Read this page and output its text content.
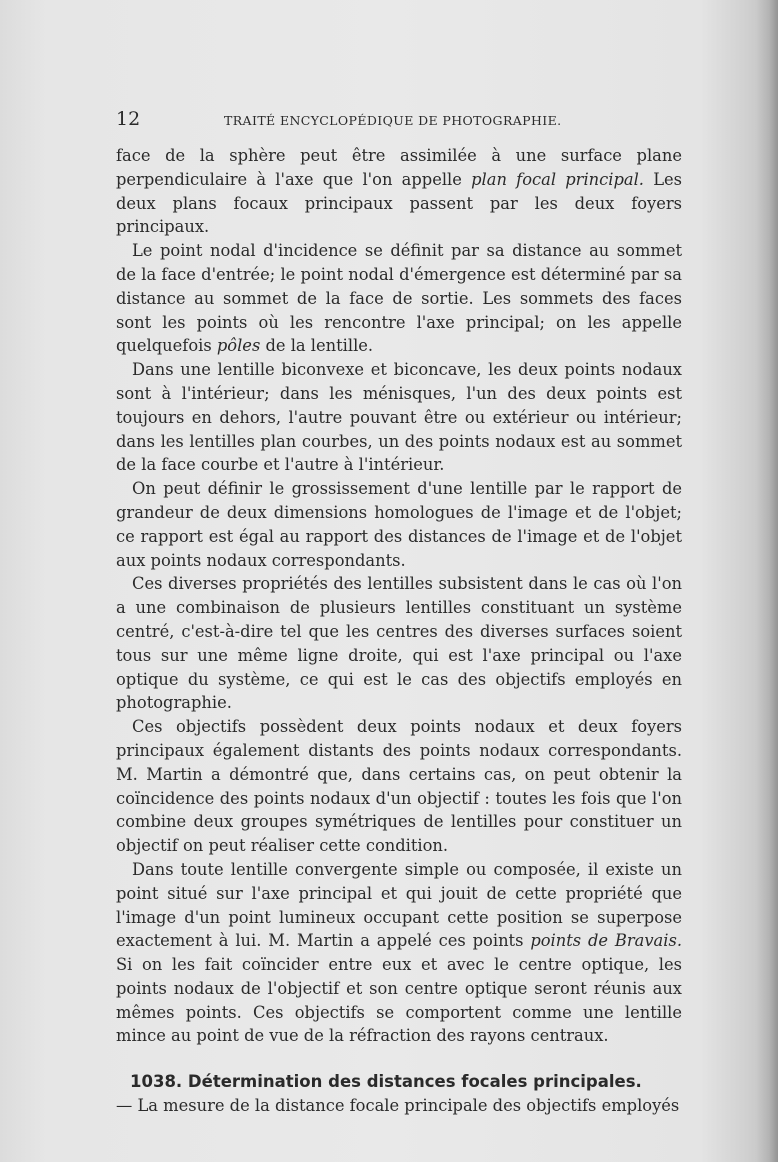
12	TRAITÉ ENCYCLOPÉDIQUE DE PHOTOGRAPHIE.

face de la sphère peut être assimilée à une surface plane perpendiculaire à l'axe que l'on appelle plan focal principal. Les deux plans focaux principaux passent par les deux foyers principaux.

Le point nodal d'incidence se définit par sa distance au sommet de la face d'entrée; le point nodal d'émergence est déterminé par sa distance au sommet de la face de sortie. Les sommets des faces sont les points où les rencontre l'axe principal; on les appelle quelquefois pôles de la lentille.

Dans une lentille biconvexe et biconcave, les deux points nodaux sont à l'intérieur; dans les ménisques, l'un des deux points est toujours en dehors, l'autre pouvant être ou extérieur ou intérieur; dans les lentilles plan courbes, un des points nodaux est au sommet de la face courbe et l'autre à l'intérieur.

On peut définir le grossissement d'une lentille par le rapport de grandeur de deux dimensions homologues de l'image et de l'objet; ce rapport est égal au rapport des distances de l'image et de l'objet aux points nodaux correspondants.

Ces diverses propriétés des lentilles subsistent dans le cas où l'on a une combinaison de plusieurs lentilles constituant un système centré, c'est-à-dire tel que les centres des diverses surfaces soient tous sur une même ligne droite, qui est l'axe principal ou l'axe optique du système, ce qui est le cas des objectifs employés en photographie.

Ces objectifs possèdent deux points nodaux et deux foyers principaux également distants des points nodaux correspondants. M. Martin a démontré que, dans certains cas, on peut obtenir la coïncidence des points nodaux d'un objectif : toutes les fois que l'on combine deux groupes symétriques de lentilles pour constituer un objectif on peut réaliser cette condition.

Dans toute lentille convergente simple ou composée, il existe un point situé sur l'axe principal et qui jouit de cette propriété que l'image d'un point lumineux occupant cette position se superpose exactement à lui. M. Martin a appelé ces points points de Bravais. Si on les fait coïncider entre eux et avec le centre optique, les points nodaux de l'objectif et son centre optique seront réunis aux mêmes points. Ces objectifs se comportent comme une lentille mince au point de vue de la réfraction des rayons centraux.

1038. Détermination des distances focales principales.

— La mesure de la distance focale principale des objectifs employés
